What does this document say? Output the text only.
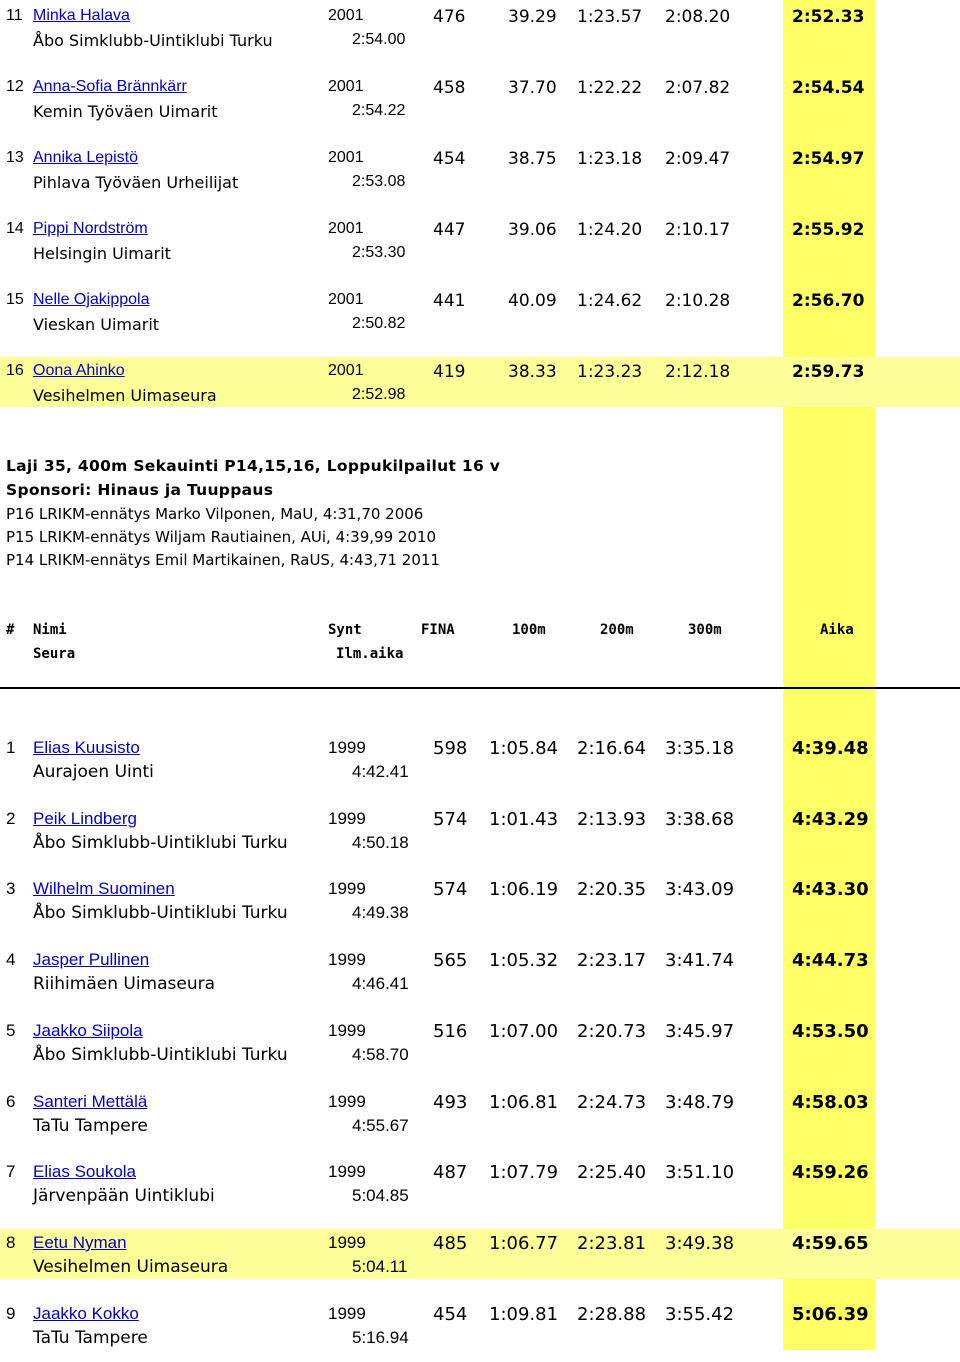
11 Minka Halava	2001	476	39.29 1:23.57 2:08.20	2:52.33
Åbo Simklubb-Uintiklubi Turku	2:54.00
12 Anna-Sofia Brännkärr	2001	458	37.70 1:22.22 2:07.82	2:54.54
Kemin Työväen Uimarit	2:54.22
13 Annika Lepistö	2001	454	38.75 1:23.18 2:09.47	2:54.97
Pihlava Työväen Urheilijat	2:53.08
14 Pippi Nordström	2001	447	39.06 1:24.20 2:10.17	2:55.92
Helsingin Uimarit	2:53.30
15 Nelle Ojakippola	2001	441	40.09 1:24.62 2:10.28	2:56.70
Vieskan Uimarit	2:50.82
16 Oona Ahinko	2001	419	38.33 1:23.23 2:12.18	2:59.73
Vesihelmen Uimaseura	2:52.98
Laji 35, 400m Sekauinti P14,15,16, Loppukilpailut 16 v
Sponsori: Hinaus ja Tuuppaus
P16 LRIKM-ennätys Marko Vilponen, MaU, 4:31,70 2006
P15 LRIKM-ennätys Wiljam Rautiainen, AUi, 4:39,99 2010
P14 LRIKM-ennätys Emil Martikainen, RaUS, 4:43,71 2011
# Nimi	Synt	FINA	100m	200m	300m	Aika
Seura	Ilm.aika
1 Elias Kuusisto	1999	598 1:05.84 2:16.64 3:35.18	4:39.48
Aurajoen Uinti	4:42.41
2 Peik Lindberg	1999	574 1:01.43 2:13.93 3:38.68	4:43.29
Åbo Simklubb-Uintiklubi Turku	4:50.18
3 Wilhelm Suominen	1999	574 1:06.19 2:20.35 3:43.09	4:43.30
Åbo Simklubb-Uintiklubi Turku	4:49.38
4 Jasper Pullinen	1999	565 1:05.32 2:23.17 3:41.74	4:44.73
Riihimäen Uimaseura	4:46.41
5 Jaakko Siipola	1999	516 1:07.00 2:20.73 3:45.97	4:53.50
Åbo Simklubb-Uintiklubi Turku	4:58.70
6 Santeri Mettälä	1999	493 1:06.81 2:24.73 3:48.79	4:58.03
TaTu Tampere	4:55.67
7 Elias Soukola	1999	487 1:07.79 2:25.40 3:51.10	4:59.26
Järvenpään Uintiklubi	5:04.85
8 Eetu Nyman	1999	485 1:06.77 2:23.81 3:49.38	4:59.65
Vesihelmen Uimaseura	5:04.11
9 Jaakko Kokko	1999	454 1:09.81 2:28.88 3:55.42	5:06.39
TaTu Tampere	5:16.94
